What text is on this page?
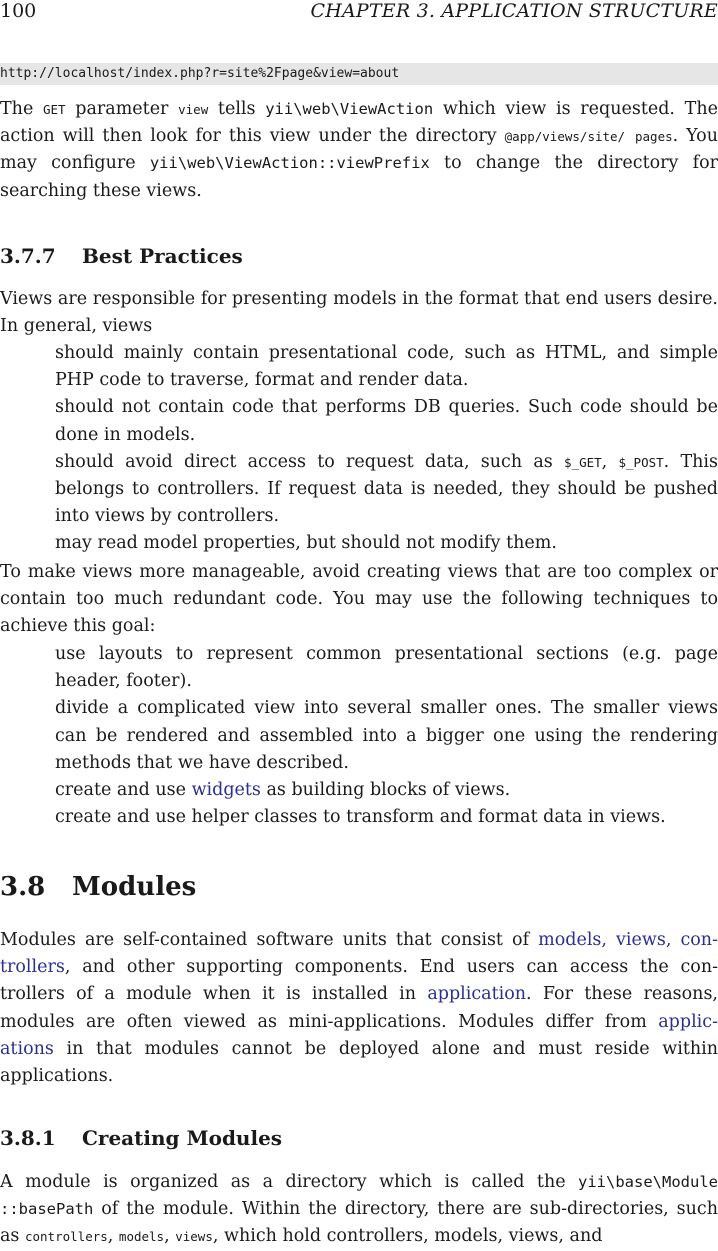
100	CHAPTER 3. APPLICATION STRUCTURE
http://localhost/index.php?r=site%2Fpage&view=about

The GET parameter view tells yii\web\ViewAction which view is requested. The action will then look for this view under the directory @app/views/site/ pages. You may configure yii\web\ViewAction::viewPrefix to change the directory for searching these views.

3.7.7 Best Practices

Views are responsible for presenting models in the format that end users desire. In general, views

should mainly contain presentational code, such as HTML, and simple PHP code to traverse, format and render data.
should not contain code that performs DB queries. Such code should be done in models.
should avoid direct access to request data, such as $_GET, $_POST. This belongs to controllers. If request data is needed, they should be pushed into views by controllers.
may read model properties, but should not modify them.

To make views more manageable, avoid creating views that are too complex or contain too much redundant code. You may use the following techniques to achieve this goal:

use layouts to represent common presentational sections (e.g. page header, footer).
divide a complicated view into several smaller ones. The smaller views can be rendered and assembled into a bigger one using the rendering methods that we have described.
create and use widgets as building blocks of views.
create and use helper classes to transform and format data in views.
3.8 Modules

Modules are self-contained software units that consist of models, views, con-trollers, and other supporting components. End users can access the con-trollers of a module when it is installed in application. For these reasons, modules are often viewed as mini-applications. Modules differ from applic-ations in that modules cannot be deployed alone and must reside within applications.

3.8.1 Creating Modules

A module is organized as a directory which is called the yii\base\Module ::basePath of the module. Within the directory, there are sub-directories, such as controllers, models, views, which hold controllers, models, views, and
